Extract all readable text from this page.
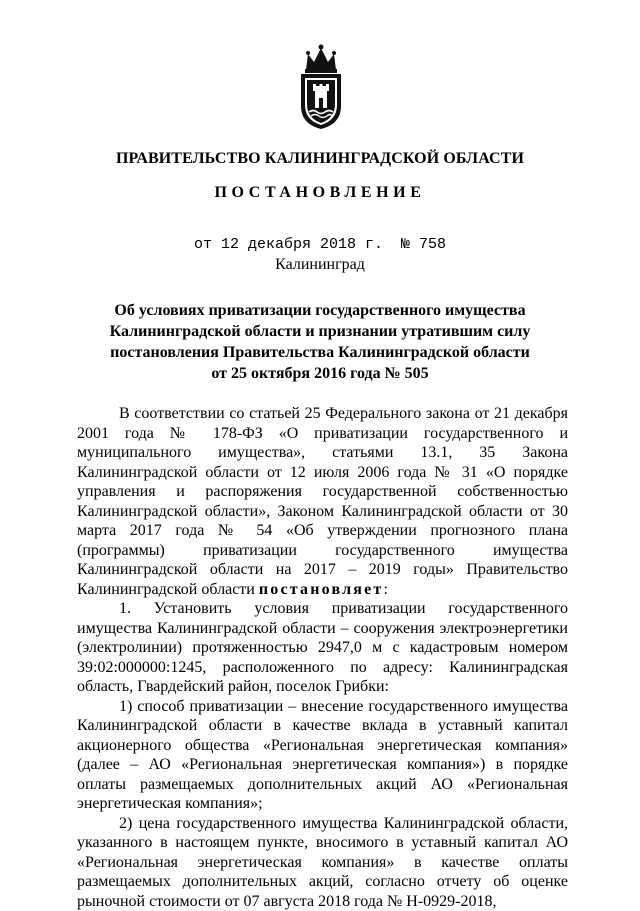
ПРАВИТЕЛЬСТВО КАЛИНИНГРАДСКОЙ ОБЛАСТИ
ПОСТАНОВЛЕНИЕ
от 12 декабря 2018 г.  № 758
Калининград
Об условиях приватизации государственного имущества
Калининградской области и признании утратившим силу
постановления Правительства Калининградской области
от 25 октября 2016 года № 505

В соответствии со статьей 25 Федерального закона от 21 декабря 2001 года № 178-ФЗ «О приватизации государственного и муниципального имущества», статьями 13.1, 35 Закона Калининградской области от 12 июля 2006 года № 31 «О порядке управления и распоряжения государственной собственностью Калининградской области», Законом Калининградской области от 30 марта 2017 года № 54 «Об утверждении прогнозного плана (программы) приватизации государственного имущества Калининградской области на 2017 – 2019 годы» Правительство Калининградской области постановляет:

1. Установить условия приватизации государственного имущества Калининградской области – сооружения электроэнергетики (электролинии) протяженностью 2947,0 м с кадастровым номером 39:02:000000:1245, расположенного по адресу: Калининградская область, Гвардейский район, поселок Грибки:

1) способ приватизации – внесение государственного имущества Калининградской области в качестве вклада в уставный капитал акционерного общества «Региональная энергетическая компания» (далее – АО «Региональная энергетическая компания») в порядке оплаты размещаемых дополнительных акций АО «Региональная энергетическая компания»;

2) цена государственного имущества Калининградской области, указанного в настоящем пункте, вносимого в уставный капитал АО «Региональная энергетическая компания» в качестве оплаты размещаемых дополнительных акций, согласно отчету об оценке рыночной стоимости от 07 августа 2018 года № Н-0929-2018,
